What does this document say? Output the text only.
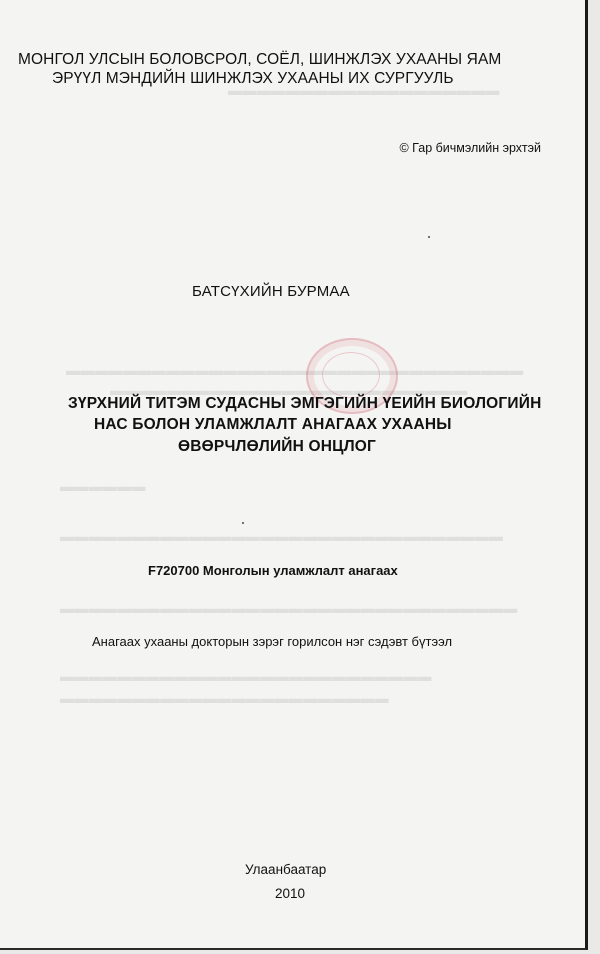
▬▬▬▬▬▬▬▬▬▬▬▬▬▬▬▬▬▬▬
▬▬▬▬▬▬▬▬▬▬▬▬▬▬▬▬▬▬▬▬▬▬▬▬▬▬▬▬▬▬▬▬
▬▬▬▬▬▬▬▬▬▬▬▬▬▬▬▬▬▬▬▬▬▬▬▬▬
▬▬▬▬▬▬
▬▬▬▬▬▬▬▬▬▬▬▬▬▬▬▬▬▬▬▬▬▬▬▬▬▬▬▬▬▬▬
▬▬▬▬▬▬▬▬▬▬▬▬▬▬▬▬▬▬▬▬▬▬▬▬▬▬▬▬▬▬▬▬
▬▬▬▬▬▬▬▬▬▬▬▬▬▬▬▬▬▬▬▬▬▬▬▬▬▬
▬▬▬▬▬▬▬▬▬▬▬▬▬▬▬▬▬▬▬▬▬▬▬
МОНГОЛ УЛСЫН БОЛОВСРОЛ, СОЁЛ, ШИНЖЛЭХ УХААНЫ ЯАМ
ЭРҮҮЛ МЭНДИЙН ШИНЖЛЭХ УХААНЫ ИХ СУРГУУЛЬ
© Гар бичмэлийн эрхтэй
БАТСҮХИЙН БУРМАА
ЗҮРХНИЙ ТИТЭМ СУДАСНЫ ЭМГЭГИЙН ҮЕИЙН БИОЛОГИЙН
НАС БОЛОН УЛАМЖЛАЛТ АНАГААХ УХААНЫ
ӨВӨРЧЛӨЛИЙН ОНЦЛОГ
F720700 Монголын уламжлалт анагаах
Анагаах ухааны докторын зэрэг горилсон нэг сэдэвт бүтээл
Улаанбаатар
2010
